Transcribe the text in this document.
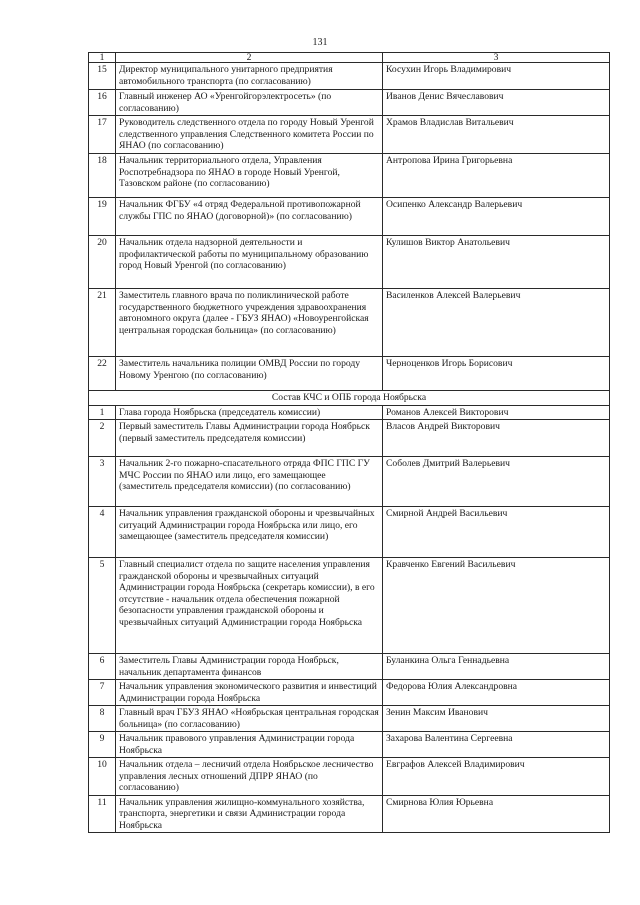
131
1	2	3
15	Директор муниципального унитарного предприятия автомобильного транспорта (по согласованию)	Косухин Игорь Владимирович
16	Главный инженер АО «Уренгойгорэлектросеть» (по согласованию)	Иванов Денис Вячеславович
17	Руководитель следственного отдела по городу Новый Уренгой следственного управления Следственного комитета России по ЯНАО (по согласованию)	Храмов Владислав Витальевич
18	Начальник территориального отдела, Управления Роспотребнадзора по ЯНАО в городе Новый Уренгой, Тазовском районе (по согласованию)	Антропова Ирина Григорьевна
19	Начальник ФГБУ «4 отряд Федеральной противопожарной службы ГПС по ЯНАО (договорной)» (по согласованию)	Осипенко Александр Валерьевич
20	Начальник отдела надзорной деятельности и профилактической работы по муниципальному образованию город Новый Уренгой (по согласованию)	Кулишов Виктор Анатольевич
21	Заместитель главного врача по поликлинической работе государственного бюджетного учреждения здравоохранения автономного округа (далее - ГБУЗ ЯНАО) «Новоуренгойская центральная городская больница» (по согласованию)	Василенков Алексей Валерьевич
22	Заместитель начальника полиции ОМВД России по городу Новому Уренгою (по согласованию)	Черноценков Игорь Борисович
Состав КЧС и ОПБ города Ноябрьска		
1	Глава города Ноябрьска (председатель комиссии)	Романов Алексей Викторович
2	Первый заместитель Главы Администрации города Ноябрьск (первый заместитель председателя комиссии)	Власов Андрей Викторович
3	Начальник 2-го пожарно-спасательного отряда ФПС ГПС ГУ МЧС России по ЯНАО или лицо, его замещающее (заместитель председателя комиссии) (по согласованию)	Соболев Дмитрий Валерьевич
4	Начальник управления гражданской обороны и чрезвычайных ситуаций Администрации города Ноябрьска или лицо, его замещающее (заместитель председателя комиссии)	Смирной Андрей Васильевич
5	Главный специалист отдела по защите населения управления гражданской обороны и чрезвычайных ситуаций Администрации города Ноябрьска (секретарь комиссии), в его отсутствие - начальник отдела обеспечения пожарной безопасности управления гражданской обороны и чрезвычайных ситуаций Администрации города Ноябрьска	Кравченко Евгений Васильевич
6	Заместитель Главы Администрации города Ноябрьск, начальник департамента финансов	Буланкина Ольга Геннадьевна
7	Начальник управления экономического развития и инвестиций Администрации города Ноябрьска	Федорова Юлия Александровна
8	Главный врач ГБУЗ ЯНАО «Ноябрьская центральная городская больница» (по согласованию)	Зенин Максим Иванович
9	Начальник правового управления Администрации города Ноябрьска	Захарова Валентина Сергеевна
10	Начальник отдела – лесничий отдела Ноябрьское лесничество управления лесных отношений ДПРР ЯНАО (по согласованию)	Евграфов Алексей Владимирович
11	Начальник управления жилищно-коммунального хозяйства, транспорта, энергетики и связи Администрации города Ноябрьска	Смирнова Юлия Юрьевна
